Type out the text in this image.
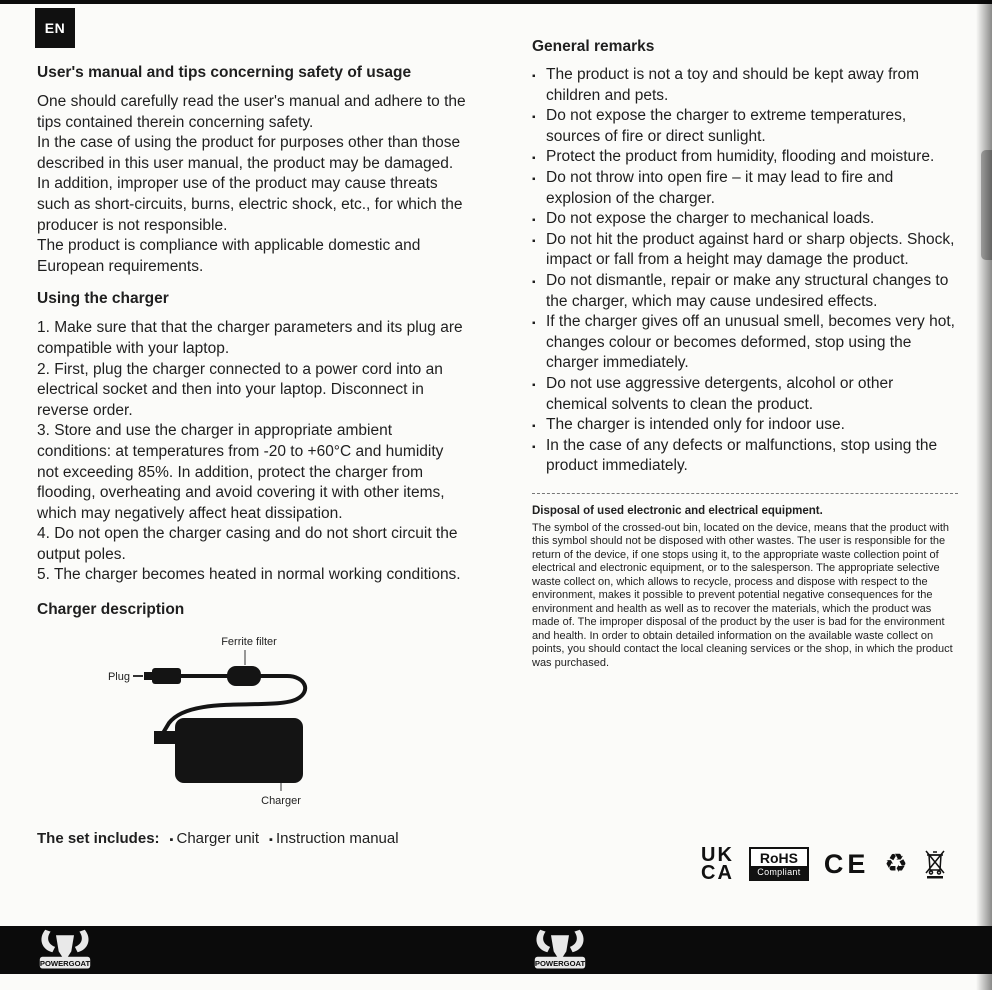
EN
User's manual and tips concerning safety of usage

One should carefully read the user's manual and adhere to the tips contained therein concerning safety.

In the case of using the product for purposes other than those described in this user manual, the product may be damaged. In addition, improper use of the product may cause threats such as short-circuits, burns, electric shock, etc., for which the producer is not responsible.

The product is compliance with applicable domestic and European requirements.

Using the charger

1. Make sure that that the charger parameters and its plug are compatible with your laptop.

2. First, plug the charger connected to a power cord into an electrical socket and then into your laptop. Disconnect in reverse order.

3. Store and use the charger in appropriate ambient conditions: at temperatures from -20 to +60°C and humidity not exceeding 85%. In addition, protect the charger from flooding, overheating and avoid covering it with other items, which may negatively affect heat dissipation.

4. Do not open the charger casing and do not short circuit the output poles.

5. The charger becomes heated in normal working conditions.

Charger description
Ferrite filter
Plug
Charger
The set includes: ▪ Charger unit ▪ Instruction manual
General remarks
▪ The product is not a toy and should be kept away from children and pets.
▪ Do not expose the charger to extreme temperatures, sources of fire or direct sunlight.
▪ Protect the product from humidity, flooding and moisture.
▪ Do not throw into open fire – it may lead to fire and explosion of the charger.
▪ Do not expose the charger to mechanical loads.
▪ Do not hit the product against hard or sharp objects. Shock, impact or fall from a height may damage the product.
▪ Do not dismantle, repair or make any structural changes to the charger, which may cause undesired effects.
▪ If the charger gives off an unusual smell, becomes very hot, changes colour or becomes deformed, stop using the charger immediately.
▪ Do not use aggressive detergents, alcohol or other chemical solvents to clean the product.
▪ The charger is intended only for indoor use.
▪ In the case of any defects or malfunctions, stop using the product immediately.

Disposal of used electronic and electrical equipment.

The symbol of the crossed-out bin, located on the device, means that the product with this symbol should not be disposed with other wastes. The user is responsible for the return of the device, if one stops using it, to the appropriate waste collection point of electrical and electronic equipment, or to the salesperson. The appropriate selective waste collect on, which allows to recycle, process and dispose with respect to the environment, makes it possible to prevent potential negative consequences for the environment and health as well as to recover the materials, which the product was made of. The improper disposal of the product by the user is bad for the environment and health. In order to obtain detailed information on the available waste collect on points, you should contact the local cleaning services or the shop, in which the product was purchased.

UK
CA
RoHS
Compliant CE ♻
POWERGOAT	POWERGOAT
